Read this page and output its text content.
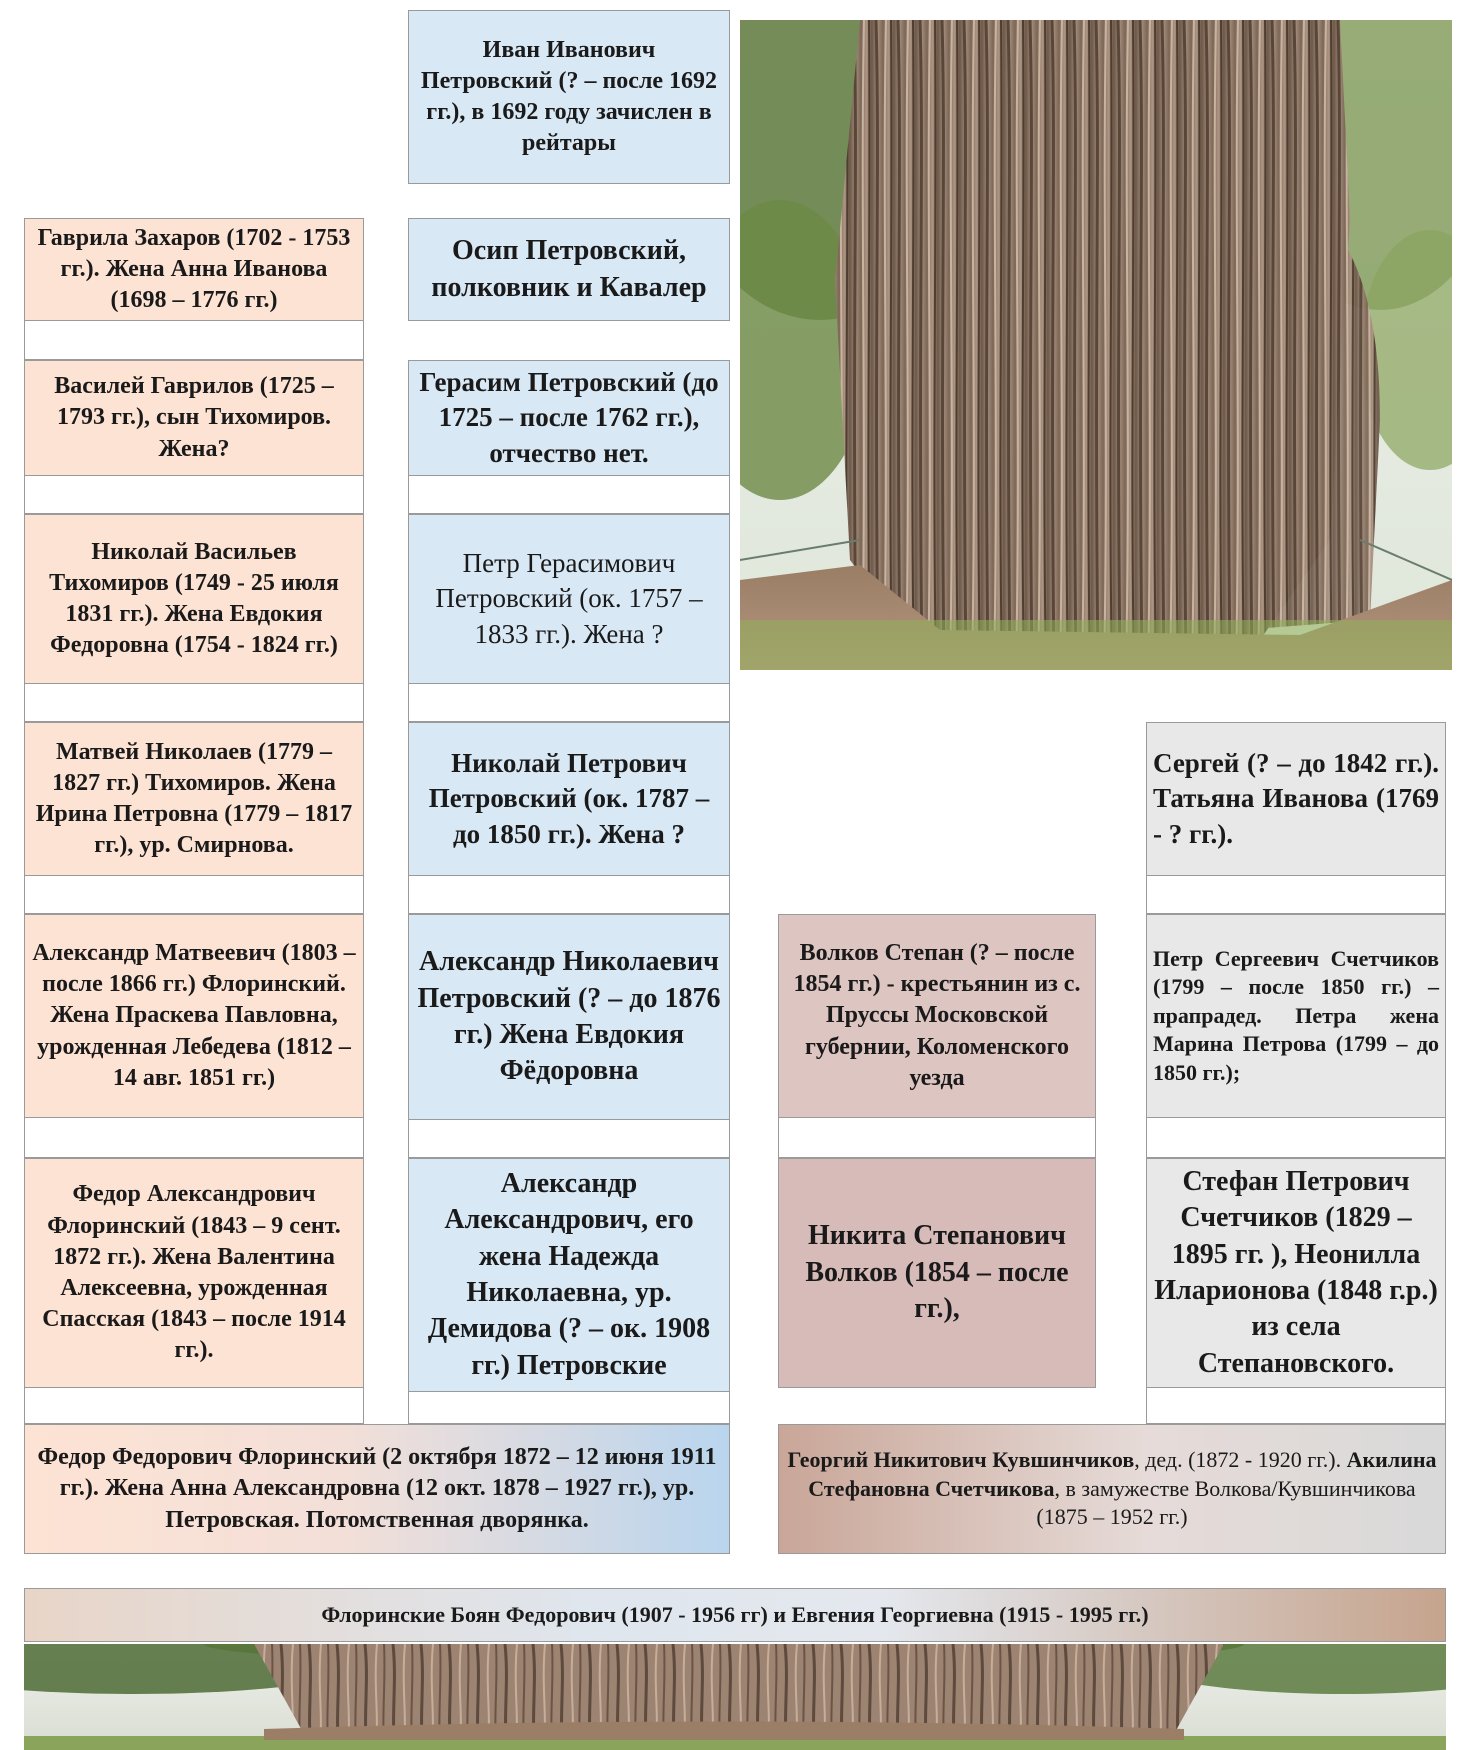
Иван Иванович Петровский (? – после 1692 гг.), в 1692 году зачислен в рейтары
Осип Петровский, полковник и Кавалер
Герасим Петровский (до 1725 – после 1762 гг.), отчество нет.
Петр Герасимович Петровский (ок. 1757 – 1833 гг.). Жена ?
Николай Петрович Петровский (ок. 1787 – до 1850 гг.). Жена ?
Александр Николаевич Петровский (? – до 1876 гг.) Жена Евдокия Фёдоровна
Александр Александрович, его жена Надежда Николаевна, ур. Демидова (? – ок. 1908 гг.) Петровские
Гаврила Захаров (1702 - 1753 гг.). Жена Анна Иванова (1698 – 1776 гг.)
Василей Гаврилов (1725 – 1793 гг.), сын Тихомиров. Жена?
Николай Васильев Тихомиров (1749 - 25 июля 1831 гг.). Жена Евдокия Федоровна (1754 - 1824 гг.)
Матвей Николаев (1779 – 1827 гг.) Тихомиров. Жена Ирина Петровна (1779 – 1817 гг.), ур. Смирнова.
Александр Матвеевич (1803 – после 1866 гг.) Флоринский. Жена Праскева Павловна, урожденная Лебедева (1812 – 14 авг. 1851 гг.)
Федор Александрович Флоринский (1843 – 9 сент. 1872 гг.). Жена Валентина Алексеевна, урожденная Спасская (1843 – после 1914 гг.).
Федор Федорович Флоринский (2 октября 1872 – 12 июня 1911 гг.). Жена Анна Александровна (12 окт. 1878 – 1927 гг.), ур. Петровская. Потомственная дворянка.
Волков Степан (? – после 1854 гг.) - крестьянин из с. Пруссы Московской губернии, Коломенского уезда
Никита Степанович Волков (1854 – после гг.),
Сергей (? – до 1842 гг.). Татьяна Иванова (1769 - ? гг.).
Петр Сергеевич Счетчиков (1799 – после 1850 гг.) – прапрадед. Петра жена Марина Петрова (1799 – до 1850 гг.);
Стефан Петрович Счетчиков (1829 – 1895 гг. ), Неонилла Иларионова (1848 г.р.) из села Степановского.
Георгий Никитович Кувшинчиков, дед. (1872 - 1920 гг.). Акилина Стефановна Счетчикова, в замужестве Волкова/Кувшинчикова (1875 – 1952 гг.)
Флоринские Боян Федорович (1907 - 1956 гг) и Евгения Георгиевна (1915 - 1995 гг.)
